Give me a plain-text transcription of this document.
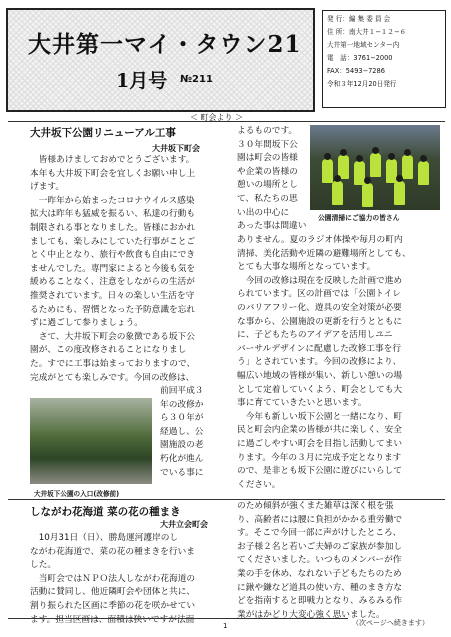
大井第一マイ・タウン21
1月号 №211
発 行：編 集 委 員 会
住 所：南大井１−１２−６
大井第一地域センター内
電　話：3761−2000
FAX：5493−7286
令和３年12月20日発行
＜ 町会より ＞
大井坂下公園リニューアル工事
大井坂下町会
　皆様あけましておめでとうございます。
本年も大井坂下町会を宜しくお願い申し上
げます。
　一昨年から始まったコロナウイルス感染
拡大は昨年も猛威を振るい、私達の行動も
制限される事となりました。皆様におかれ
ましても、楽しみにしていた行事がことご
とく中止となり、旅行や飲食も自由にでき
ませんでした。専門家によると今後も気を
緩めることなく、注意をしながらの生活が
推奨されています。日々の楽しい生活を守
るためにも、習慣となった予防意識を忘れ
ずに過ごして参りましょう。
　さて、大井坂下町会の象徴である坂下公
園が、この度改修されることになりまし
た。すでに工事は始まっておりますので、
完成がとても楽しみです。今回の改修は、
大井坂下公園の入口(改修前)
前回平成３
年の改修か
ら３０年が
経過し、公
園施設の老
朽化が進ん
でいる事に
よるものです。
３０年間坂下公
園は町会の皆様
や企業の皆様の
憩いの場所とし
て、私たちの思
い出の中心に
あった事は間違い
公園清掃にご協力の皆さん
ありません。夏のラジオ体操や毎月の町内
清掃、美化活動や近隣の避難場所としても、
とても大事な場所となっています。
　今回の改修は現在を反映した計画で進め
られています。区の計画では「公園トイレ
のバリアフリー化、遊具の安全対策が必要
な事から、公園施設の更新を行うとともに
に、子どもたちのアイデアを活用しユニ
バーサルデザインに配慮した改修工事を行
う」とされています。今回の改修により、
幅広い地域の皆様が集い、新しい憩いの場
として定着していくよう、町会としても大
事に育てていきたいと思います。
　今年も新しい坂下公園と一緒になり、町
民と町会内企業の皆様が共に楽しく、安全
に過ごしやすい町会を目指し活動してまい
ります。今年の３月に完成予定となります
ので、是非とも坂下公園に遊びにいらして
ください。
しながわ花海道 菜の花の種まき
大井立会町会
　10月31日（日）、勝島運河護岸のし
ながわ花海道で、菜の花の種まきを行いま
した。
　当町会ではＮＰＯ法人しながわ花海道の
活動に賛同し、他近隣町会や団体と共に、
割り振られた区画に季節の花を咲かせてい
ます。担当区画は、面積は狭いですが法面
のため傾斜が強くまた雑草は深く根を張
り、高齢者には腰に負担がかかる重労働で
す。そこで今回一部に声がけしたところ、
お子様２名と若いご夫婦のご家族が参加し
てくださいました。いつものメンバーが作
業の手を休め、なれない子どもたちのため
に鍬や鎌など道具の使い方、種のまき方な
どを指南すると即戦力となり、みるみる作
業がはかどり大変心強く思いました。
1	（次ページへ続きます）
